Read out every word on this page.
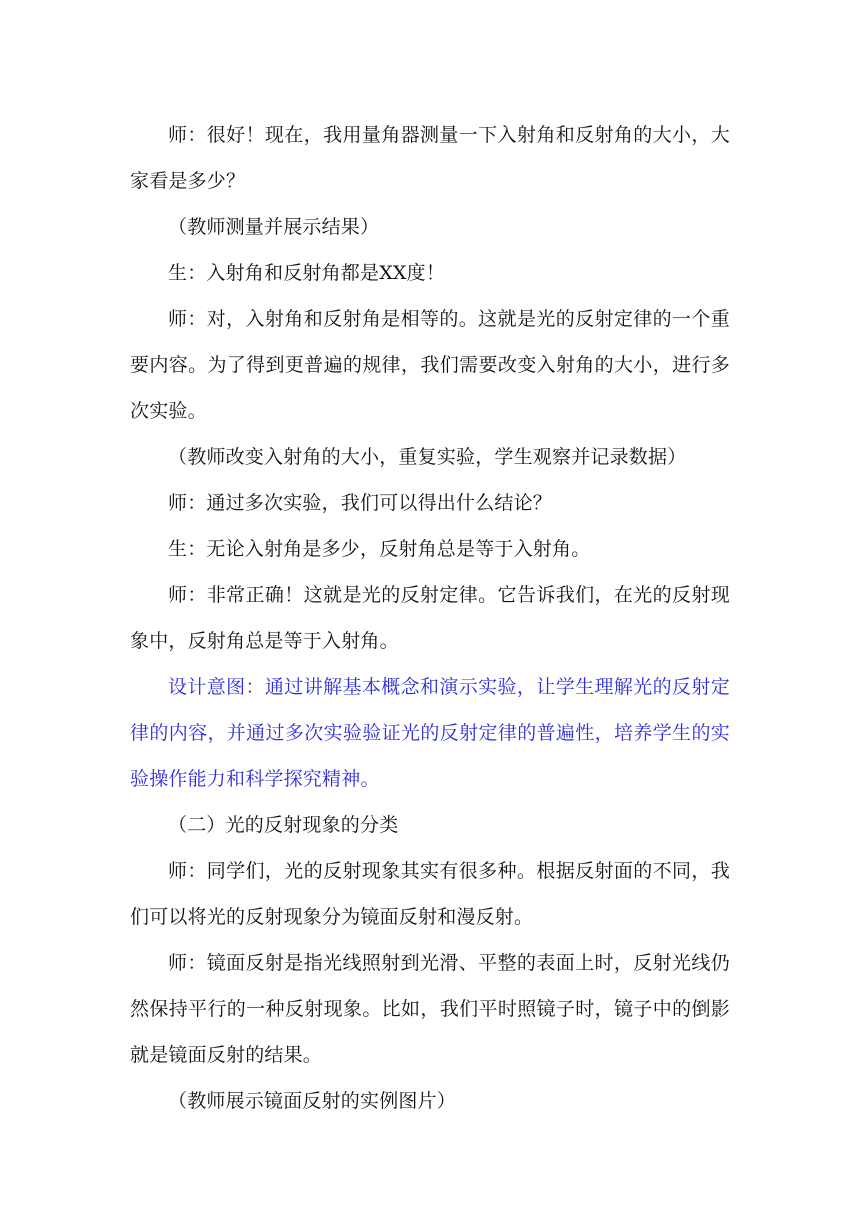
师：很好！现在，我用量角器测量一下入射角和反射角的大小，大家看是多少？

（教师测量并展示结果）

生：入射角和反射角都是XX度！

师：对，入射角和反射角是相等的。这就是光的反射定律的一个重要内容。为了得到更普遍的规律，我们需要改变入射角的大小，进行多次实验。

（教师改变入射角的大小，重复实验，学生观察并记录数据）

师：通过多次实验，我们可以得出什么结论？

生：无论入射角是多少，反射角总是等于入射角。

师：非常正确！这就是光的反射定律。它告诉我们，在光的反射现象中，反射角总是等于入射角。

设计意图：通过讲解基本概念和演示实验，让学生理解光的反射定律的内容，并通过多次实验验证光的反射定律的普遍性，培养学生的实验操作能力和科学探究精神。

（二）光的反射现象的分类

师：同学们，光的反射现象其实有很多种。根据反射面的不同，我们可以将光的反射现象分为镜面反射和漫反射。

师：镜面反射是指光线照射到光滑、平整的表面上时，反射光线仍然保持平行的一种反射现象。比如，我们平时照镜子时，镜子中的倒影就是镜面反射的结果。

（教师展示镜面反射的实例图片）
